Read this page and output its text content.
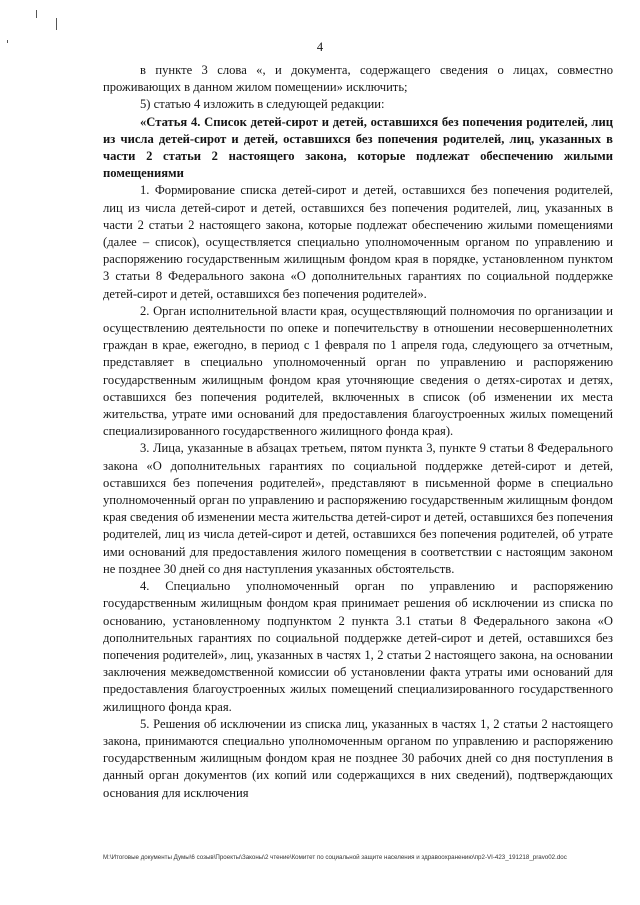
4

в пункте 3 слова «, и документа, содержащего сведения о лицах, совместно проживающих в данном жилом помещении» исключить;

5) статью 4 изложить в следующей редакции:

«Статья 4. Список детей-сирот и детей, оставшихся без попечения родителей, лиц из числа детей-сирот и детей, оставшихся без попечения родителей, лиц, указанных в части 2 статьи 2 настоящего закона, которые подлежат обеспечению жилыми помещениями

1. Формирование списка детей-сирот и детей, оставшихся без попечения родителей, лиц из числа детей-сирот и детей, оставшихся без попечения родителей, лиц, указанных в части 2 статьи 2 настоящего закона, которые подлежат обеспечению жилыми помещениями (далее – список), осуществляется специально уполномоченным органом по управлению и распоряжению государственным жилищным фондом края в порядке, установленном пунктом 3 статьи 8 Федерального закона «О дополнительных гарантиях по социальной поддержке детей-сирот и детей, оставшихся без попечения родителей».

2. Орган исполнительной власти края, осуществляющий полномочия по организации и осуществлению деятельности по опеке и попечительству в отношении несовершеннолетних граждан в крае, ежегодно, в период с 1 февраля по 1 апреля года, следующего за отчетным, представляет в специально уполномоченный орган по управлению и распоряжению государственным жилищным фондом края уточняющие сведения о детях-сиротах и детях, оставшихся без попечения родителей, включенных в список (об изменении их места жительства, утрате ими оснований для предоставления благоустроенных жилых помещений специализированного государственного жилищного фонда края).

3. Лица, указанные в абзацах третьем, пятом пункта 3, пункте 9 статьи 8 Федерального закона «О дополнительных гарантиях по социальной поддержке детей-сирот и детей, оставшихся без попечения родителей», представляют в письменной форме в специально уполномоченный орган по управлению и распоряжению государственным жилищным фондом края сведения об изменении места жительства детей-сирот и детей, оставшихся без попечения родителей, лиц из числа детей-сирот и детей, оставшихся без попечения родителей, об утрате ими оснований для предоставления жилого помещения в соответствии с настоящим законом не позднее 30 дней со дня наступления указанных обстоятельств.

4. Специально уполномоченный орган по управлению и распоряжению государственным жилищным фондом края принимает решения об исключении из списка по основанию, установленному подпунктом 2 пункта 3.1 статьи 8 Федерального закона «О дополнительных гарантиях по социальной поддержке детей-сирот и детей, оставшихся без попечения родителей», лиц, указанных в частях 1, 2 статьи 2 настоящего закона, на основании заключения межведомственной комиссии об установлении факта утраты ими оснований для предоставления благоустроенных жилых помещений специализированного государственного жилищного фонда края.

5. Решения об исключении из списка лиц, указанных в частях 1, 2 статьи 2 настоящего закона, принимаются специально уполномоченным органом по управлению и распоряжению государственным жилищным фондом края не позднее 30 рабочих дней со дня поступления в данный орган документов (их копий или содержащихся в них сведений), подтверждающих основания для исключения

M:\Итоговые документы Думы\6 созыв\Проекты\Законы\2 чтение\Комитет по социальной защите населения и здравоохранению\пр2-VI-423_191218_pravo02.doc
